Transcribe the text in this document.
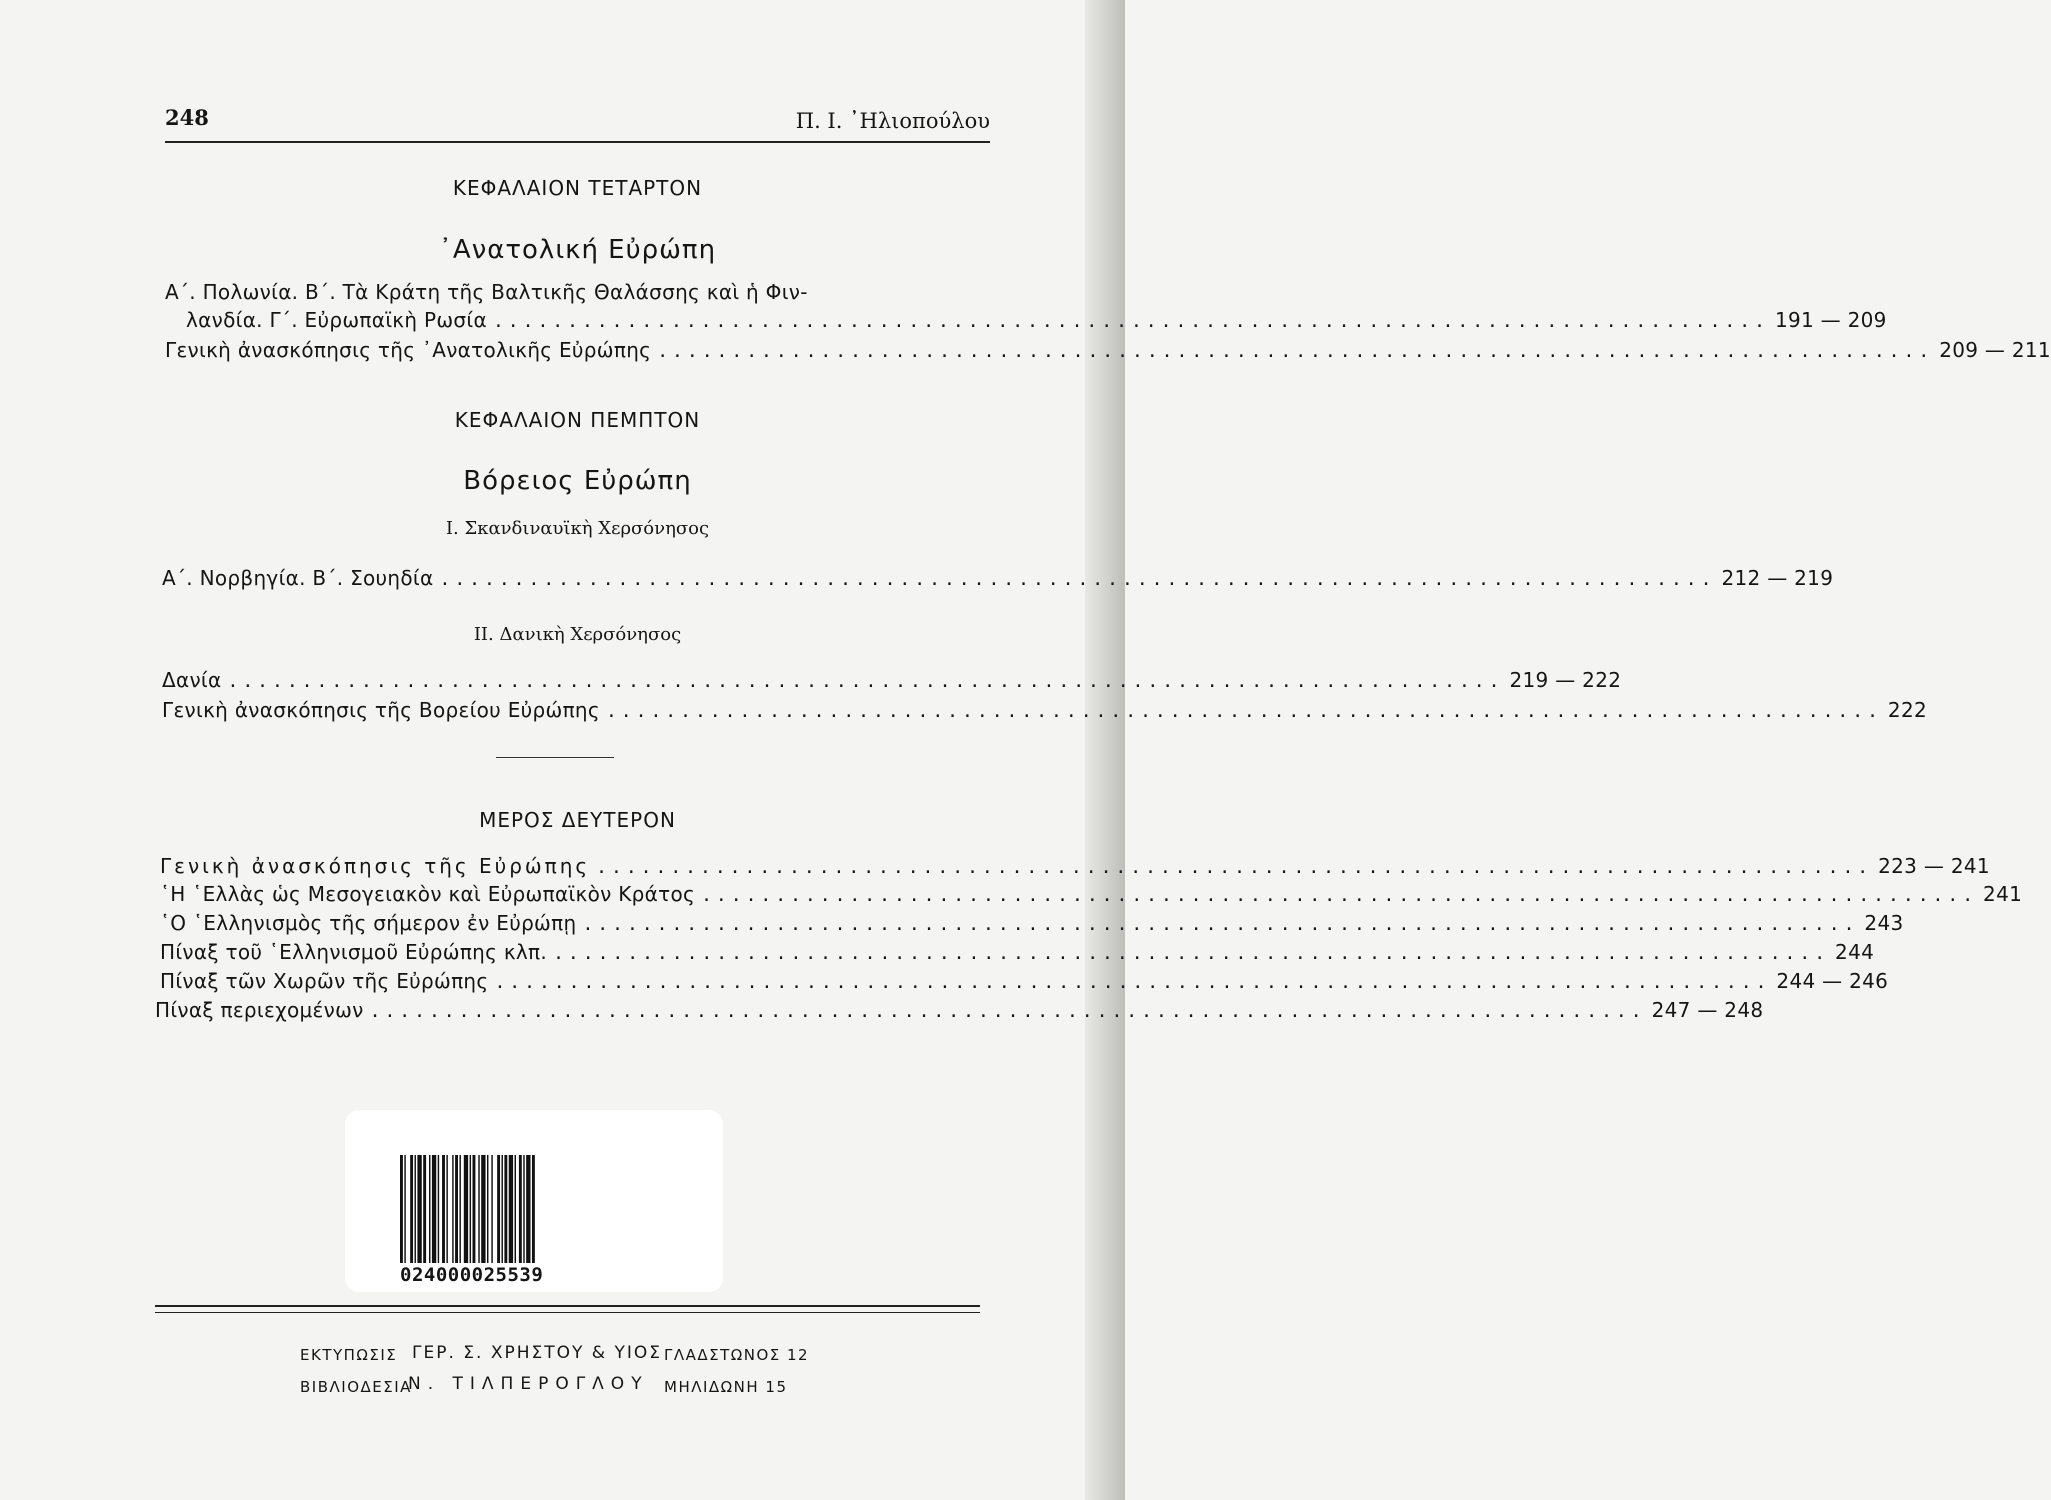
248	Π. Ι. ᾿Ηλιοπούλου
ΚΕΦΑΛΑΙΟΝ ΤΕΤΑΡΤΟΝ
᾿Ανατολική Εὐρώπη
Α΄. Πολωνία. Β΄. Τὰ Κράτη τῆς Βαλτικῆς Θαλάσσης καὶ ἡ Φιν-
λανδία. Γ΄. Εὐρωπαϊκὴ Ρωσία ...................................................................................... 191 — 209
Γενικὴ ἀνασκόπησις τῆς ᾿Ανατολικῆς Εὐρώπης ...................................................................................... 209 — 211
ΚΕΦΑΛΑΙΟΝ ΠΕΜΠΤΟΝ
Βόρειος Εὐρώπη
Ι. Σκανδιναυϊκὴ Χερσόνησος
Α΄. Νορβηγία. Β΄. Σουηδία ...................................................................................... 212 — 219
ΙΙ. Δανικὴ Χερσόνησος
Δανία ...................................................................................... 219 — 222
Γενικὴ ἀνασκόπησις τῆς Βορείου Εὐρώπης ...................................................................................... 222
ΜΕΡΟΣ ΔΕΥΤΕΡΟΝ
Γενικὴ ἀνασκόπησις τῆς Εὐρώπης ...................................................................................... 223 — 241
῾Η ῾Ελλὰς ὡς Μεσογειακὸν καὶ Εὐρωπαϊκὸν Κράτος ...................................................................................... 241
῾Ο ῾Ελληνισμὸς τῆς σήμερον ἐν Εὐρώπῃ ...................................................................................... 243
Πίναξ τοῦ ῾Ελληνισμοῦ Εὐρώπης κλπ. ...................................................................................... 244
Πίναξ τῶν Χωρῶν τῆς Εὐρώπης ...................................................................................... 244 — 246
Πίναξ περιεχομένων ...................................................................................... 247 — 248
024000025539
ΕΚΤΥΠΩΣΙΣ ΓΕΡ. Σ. ΧΡΗΣΤΟΥ & ΥΙΟΣ ΓΛΑΔΣΤΩΝΟΣ 12
ΒΙΒΛΙΟΔΕΣΙΑ
Ν. ΤΙΛΠΕΡΟΓΛΟΥ ΜΗΛΙΔΩΝΗ 15
